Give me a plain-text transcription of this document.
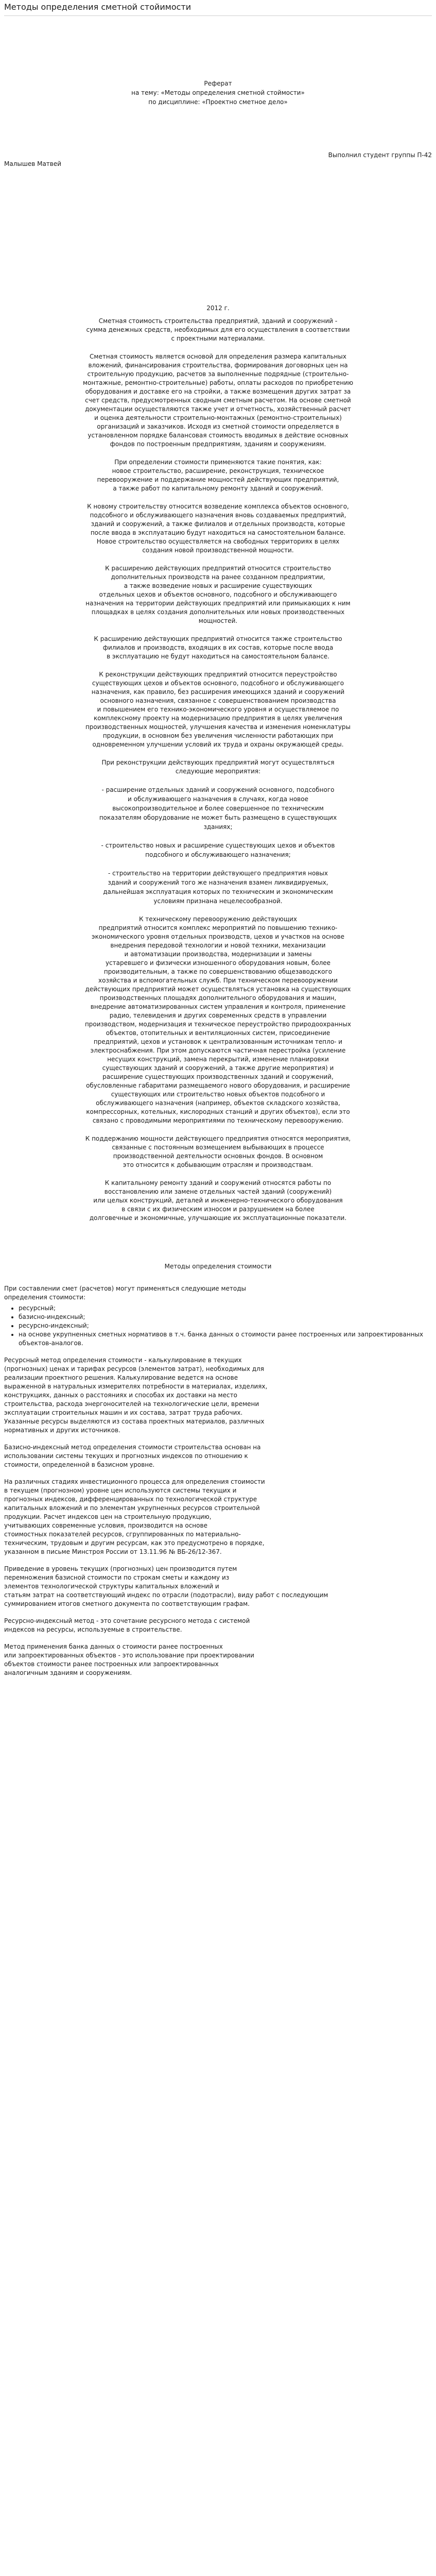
Методы определения сметной стойимости

Реферат

на тему: «Методы определения сметной стоймости»

по дисциплине: «Проектно сметное дело»

Выполнил студент группы П-42

Малышев Матвей

2012 г.

Сметная стоимость строительства предприятий, зданий и сооружений -

сумма денежных средств, необходимых для его осуществления в соответствии

с проектными материалами.

Сметная стоимость является основой для определения размера капитальных

вложений, финансирования строительства, формирования договорных цен на

строительную продукцию, расчетов за выполненные подрядные (строительно-

монтажные, ремонтно-строительные) работы, оплаты расходов по приобретению

оборудования и доставке его на стройки, а также возмещения других затрат за

счет средств, предусмотренных сводным сметным расчетом. На основе сметной

документации осуществляются также учет и отчетность, хозяйственный расчет

и оценка деятельности строительно-монтажных (ремонтно-строительных)

организаций и заказчиков. Исходя из сметной стоимости определяется в

установленном порядке балансовая стоимость вводимых в действие основных

фондов по построенным предприятиям, зданиям и сооружениям.

При определении стоимости применяются такие понятия, как:

новое строительство, расширение, реконструкция, техническое

перевооружение и поддержание мощностей действующих предприятий,

а также работ по капитальному ремонту зданий и сооружений.

К новому строительству относится возведение комплекса объектов основного,

подсобного и обслуживающего назначения вновь создаваемых предприятий,

зданий и сооружений, а также филиалов и отдельных производств, которые

после ввода в эксплуатацию будут находиться на самостоятельном балансе.

Новое строительство осуществляется на свободных территориях в целях

создания новой производственной мощности.

К расширению действующих предприятий относится строительство

дополнительных производств на ранее созданном предприятии,

а также возведение новых и расширение существующих

отдельных цехов и объектов основного, подсобного и обслуживающего

назначения на территории действующих предприятий или примыкающих к ним

площадках в целях создания дополнительных или новых производственных

мощностей.

К расширению действующих предприятий относится также строительство

филиалов и производств, входящих в их состав, которые после ввода

в эксплуатацию не будут находиться на самостоятельном балансе.

К реконструкции действующих предприятий относится переустройство

существующих цехов и объектов основного, подсобного и обслуживающего

назначения, как правило, без расширения имеющихся зданий и сооружений

основного назначения, связанное с совершенствованием производства

и повышением его технико-экономического уровня и осуществляемое по

комплексному проекту на модернизацию предприятия в целях увеличения

производственных мощностей, улучшения качества и изменения номенклатуры

продукции, в основном без увеличения численности работающих при

одновременном улучшении условий их труда и охраны окружающей среды.

При реконструкции действующих предприятий могут осуществляться

следующие мероприятия:

- расширение отдельных зданий и сооружений основного, подсобного

и обслуживающего назначения в случаях, когда новое

высокопроизводительное и более совершенное по техническим

показателям оборудование не может быть размещено в существующих

зданиях;

- строительство новых и расширение существующих цехов и объектов

подсобного и обслуживающего назначения;

- строительство на территории действующего предприятия новых

зданий и сооружений того же назначения взамен ликвидируемых,

дальнейшая эксплуатация которых по техническим и экономическим

условиям признана нецелесообразной.

К техническому перевооружению действующих

предприятий относится комплекс мероприятий по повышению технико-

экономического уровня отдельных производств, цехов и участков на основе

внедрения передовой технологии и новой техники, механизации

и автоматизации производства, модернизации и замены

устаревшего и физически изношенного оборудования новым, более

производительным, а также по совершенствованию общезаводского

хозяйства и вспомогательных служб. При техническом перевооружении

действующих предприятий может осуществляться установка на существующих

производственных площадях дополнительного оборудования и машин,

внедрение автоматизированных систем управления и контроля, применение

радио, телевидения и других современных средств в управлении

производством, модернизация и техническое переустройство природоохранных

объектов, отопительных и вентиляционных систем, присоединение

предприятий, цехов и установок к централизованным источникам тепло- и

электроснабжения. При этом допускаются частичная перестройка (усиление

несущих конструкций, замена перекрытий, изменение планировки

существующих зданий и сооружений, а также другие мероприятия) и

расширение существующих производственных зданий и сооружений,

обусловленные габаритами размещаемого нового оборудования, и расширение

существующих или строительство новых объектов подсобного и

обслуживающего назначения (например, объектов складского хозяйства,

компрессорных, котельных, кислородных станций и других объектов), если это

связано с проводимыми мероприятиями по техническому перевооружению.

К поддержанию мощности действующего предприятия относятся мероприятия,

связанные с постоянным возмещением выбывающих в процессе

производственной деятельности основных фондов. В основном

это относится к добывающим отраслям и производствам.

К капитальному ремонту зданий и сооружений относятся работы по

восстановлению или замене отдельных частей зданий (сооружений)

или целых конструкций, деталей и инженерно-технического оборудования

в связи с их физическим износом и разрушением на более

долговечные и экономичные, улучшающие их эксплуатационные показатели.

Методы определения стоимости

При составлении смет (расчетов) могут применяться следующие методы

определения стоимости:

• ресурсный;
• базисно-индексный;
• ресурсно-индексный;
• на основе укрупненных сметных нормативов в т.ч. банка данных о стоимости ранее построенных или запроектированных объектов-аналогов.

Ресурсный метод определения стоимости - калькулирование в текущих

(прогнозных) ценах и тарифах ресурсов (элементов затрат), необходимых для

реализации проектного решения. Калькулирование ведется на основе

выраженной в натуральных измерителях потребности в материалах, изделиях,

конструкциях, данных о расстояниях и способах их доставки на место

строительства, расхода энергоносителей на технологические цели, времени

эксплуатации строительных машин и их состава, затрат труда рабочих.

Указанные ресурсы выделяются из состава проектных материалов, различных

нормативных и других источников.

Базисно-индексный метод определения стоимости строительства основан на

использовании системы текущих и прогнозных индексов по отношению к

стоимости, определенной в базисном уровне.

На различных стадиях инвестиционного процесса для определения стоимости

в текущем (прогнозном) уровне цен используются системы текущих и

прогнозных индексов, дифференцированных по технологической структуре

капитальных вложений и по элементам укрупненных ресурсов строительной

продукции. Расчет индексов цен на строительную продукцию,

учитывающих современные условия, производится на основе

стоимостных показателей ресурсов, сгруппированных по материально-

техническим, трудовым и другим ресурсам, как это предусмотрено в порядке,

указанном в письме Минстроя России от 13.11.96 № ВБ-26/12-367.

Приведение в уровень текущих (прогнозных) цен производится путем

перемножения базисной стоимости по строкам сметы и каждому из

элементов технологической структуры капитальных вложений и

статьям затрат на соответствующий индекс по отрасли (подотрасли), виду работ с последующим

суммированием итогов сметного документа по соответствующим графам.

Ресурсно-индексный метод - это сочетание ресурсного метода с системой

индексов на ресурсы, используемые в строительстве.

Метод применения банка данных о стоимости ранее построенных

или запроектированных объектов - это использование при проектировании

объектов стоимости ранее построенных или запроектированных

аналогичным зданиям и сооружениям.
